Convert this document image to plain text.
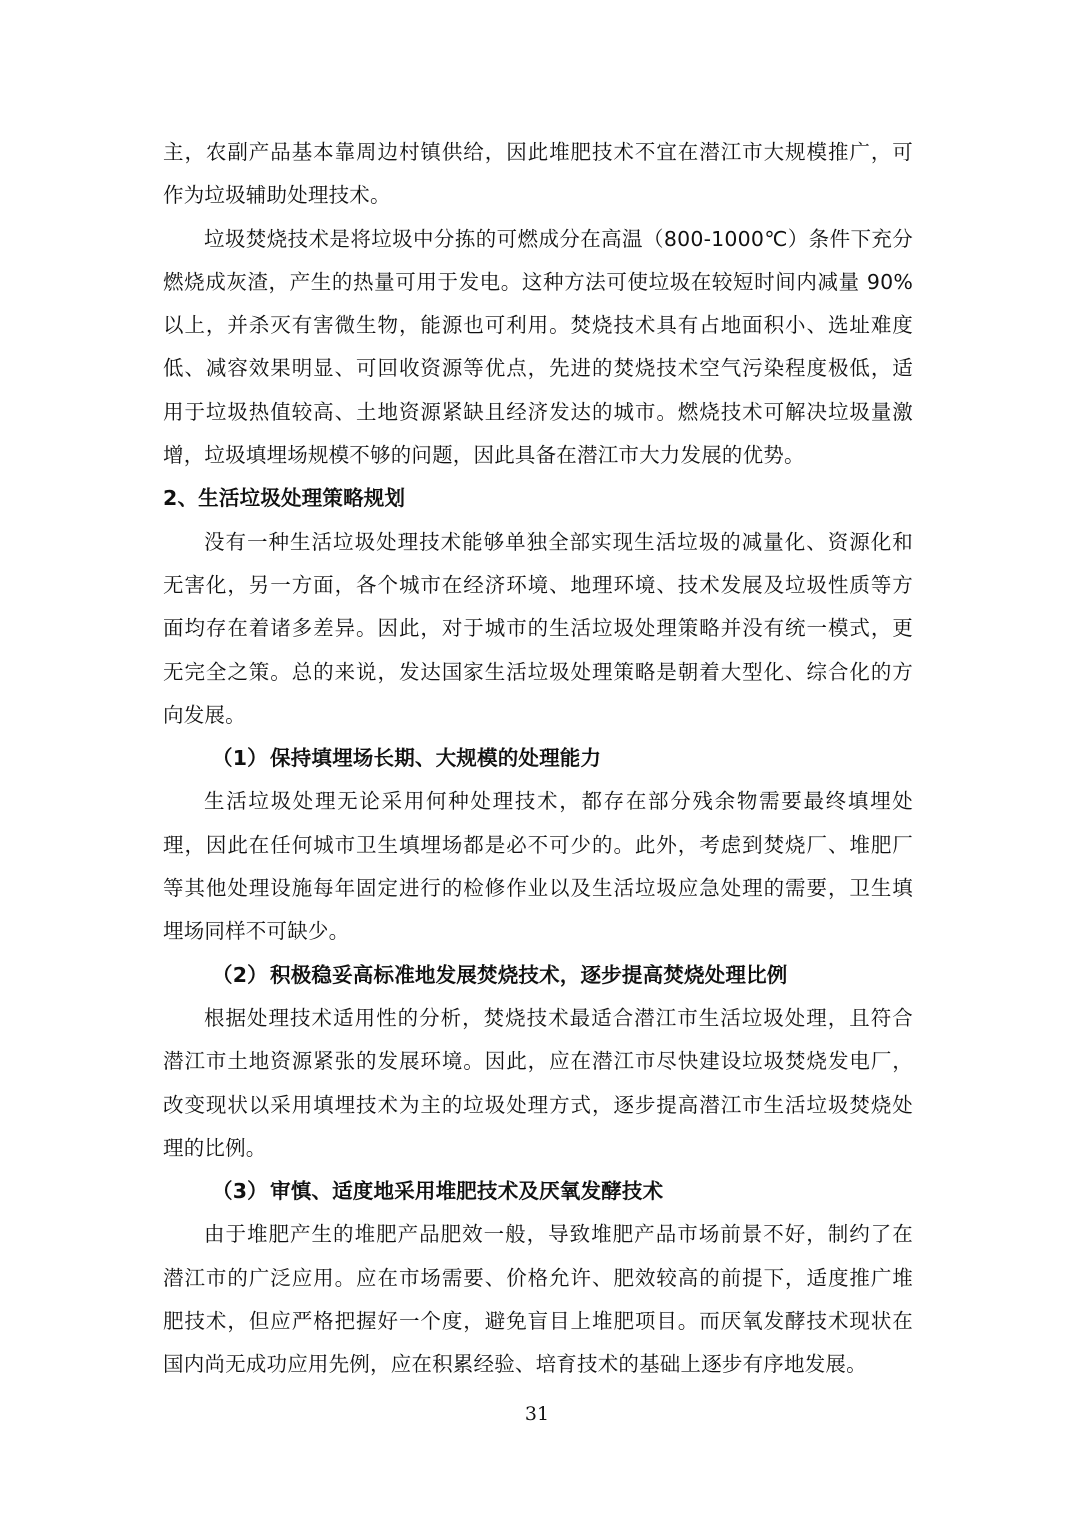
主，农副产品基本靠周边村镇供给，因此堆肥技术不宜在潜江市大规模推广，可
作为垃圾辅助处理技术。
垃圾焚烧技术是将垃圾中分拣的可燃成分在高温（800-1000℃）条件下充分
燃烧成灰渣，产生的热量可用于发电。这种方法可使垃圾在较短时间内减量 90%
以上，并杀灭有害微生物，能源也可利用。焚烧技术具有占地面积小、选址难度
低、减容效果明显、可回收资源等优点，先进的焚烧技术空气污染程度极低，适
用于垃圾热值较高、土地资源紧缺且经济发达的城市。燃烧技术可解决垃圾量激
增，垃圾填埋场规模不够的问题，因此具备在潜江市大力发展的优势。
2、生活垃圾处理策略规划
没有一种生活垃圾处理技术能够单独全部实现生活垃圾的减量化、资源化和
无害化，另一方面，各个城市在经济环境、地理环境、技术发展及垃圾性质等方
面均存在着诸多差异。因此，对于城市的生活垃圾处理策略并没有统一模式，更
无完全之策。总的来说，发达国家生活垃圾处理策略是朝着大型化、综合化的方
向发展。
（1） 保持填埋场长期、大规模的处理能力
生活垃圾处理无论采用何种处理技术，都存在部分残余物需要最终填埋处
理，因此在任何城市卫生填埋场都是必不可少的。此外，考虑到焚烧厂、堆肥厂
等其他处理设施每年固定进行的检修作业以及生活垃圾应急处理的需要，卫生填
埋场同样不可缺少。
（2） 积极稳妥高标准地发展焚烧技术，逐步提高焚烧处理比例
根据处理技术适用性的分析，焚烧技术最适合潜江市生活垃圾处理，且符合
潜江市土地资源紧张的发展环境。因此，应在潜江市尽快建设垃圾焚烧发电厂，
改变现状以采用填埋技术为主的垃圾处理方式，逐步提高潜江市生活垃圾焚烧处
理的比例。
（3） 审慎、适度地采用堆肥技术及厌氧发酵技术
由于堆肥产生的堆肥产品肥效一般，导致堆肥产品市场前景不好，制约了在
潜江市的广泛应用。应在市场需要、价格允许、肥效较高的前提下，适度推广堆
肥技术，但应严格把握好一个度，避免盲目上堆肥项目。而厌氧发酵技术现状在
国内尚无成功应用先例，应在积累经验、培育技术的基础上逐步有序地发展。
31
